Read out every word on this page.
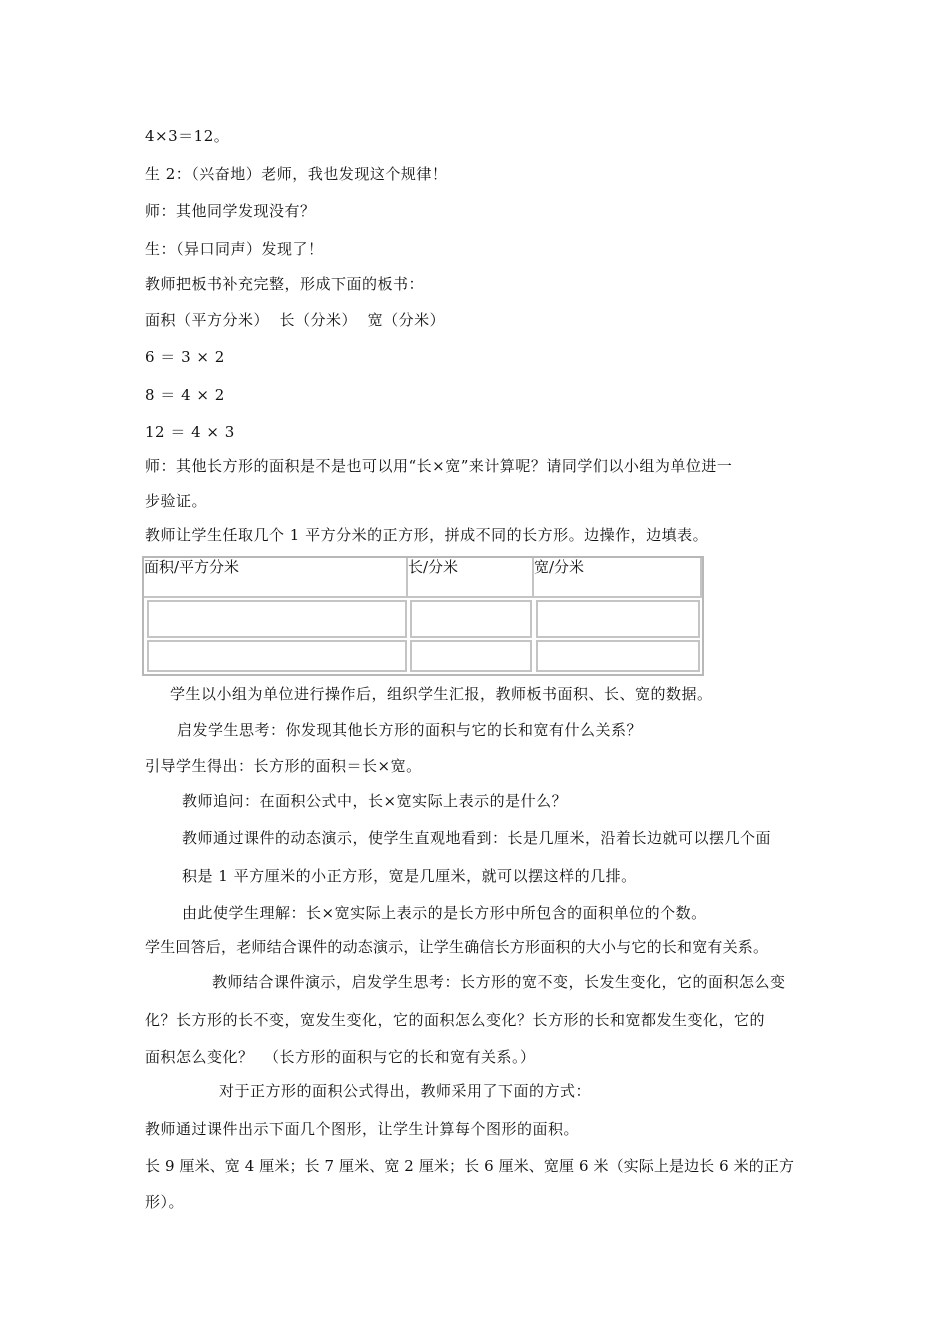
4×3＝12。
生 2：（兴奋地）老师，我也发现这个规律！
师：其他同学发现没有？
生：（异口同声）发现了！
教师把板书补充完整，形成下面的板书：
面积（平方分米）  长（分米）  宽（分米）
6 ＝ 3 × 2
8 ＝ 4 × 2
12 ＝ 4 × 3
师：其他长方形的面积是不是也可以用“长×宽”来计算呢？请同学们以小组为单位进一
步验证。
教师让学生任取几个 1 平方分米的正方形，拼成不同的长方形。边操作，边填表。
面积/平方分米	长/分米	宽/分米
学生以小组为单位进行操作后，组织学生汇报，教师板书面积、长、宽的数据。
启发学生思考：你发现其他长方形的面积与它的长和宽有什么关系？
引导学生得出：长方形的面积＝长×宽。
教师追问：在面积公式中，长×宽实际上表示的是什么？
教师通过课件的动态演示，使学生直观地看到：长是几厘米，沿着长边就可以摆几个面
积是 1 平方厘米的小正方形，宽是几厘米，就可以摆这样的几排。
由此使学生理解：长×宽实际上表示的是长方形中所包含的面积单位的个数。
学生回答后，老师结合课件的动态演示，让学生确信长方形面积的大小与它的长和宽有关系。
教师结合课件演示，启发学生思考：长方形的宽不变，长发生变化，它的面积怎么变
化？长方形的长不变，宽发生变化，它的面积怎么变化？长方形的长和宽都发生变化，它的
面积怎么变化？  （长方形的面积与它的长和宽有关系。）
对于正方形的面积公式得出，教师采用了下面的方式：
教师通过课件出示下面几个图形，让学生计算每个图形的面积。
长 9 厘米、宽 4 厘米；长 7 厘米、宽 2 厘米；长 6 厘米、宽厘 6 米（实际上是边长 6 米的正方
形）。
